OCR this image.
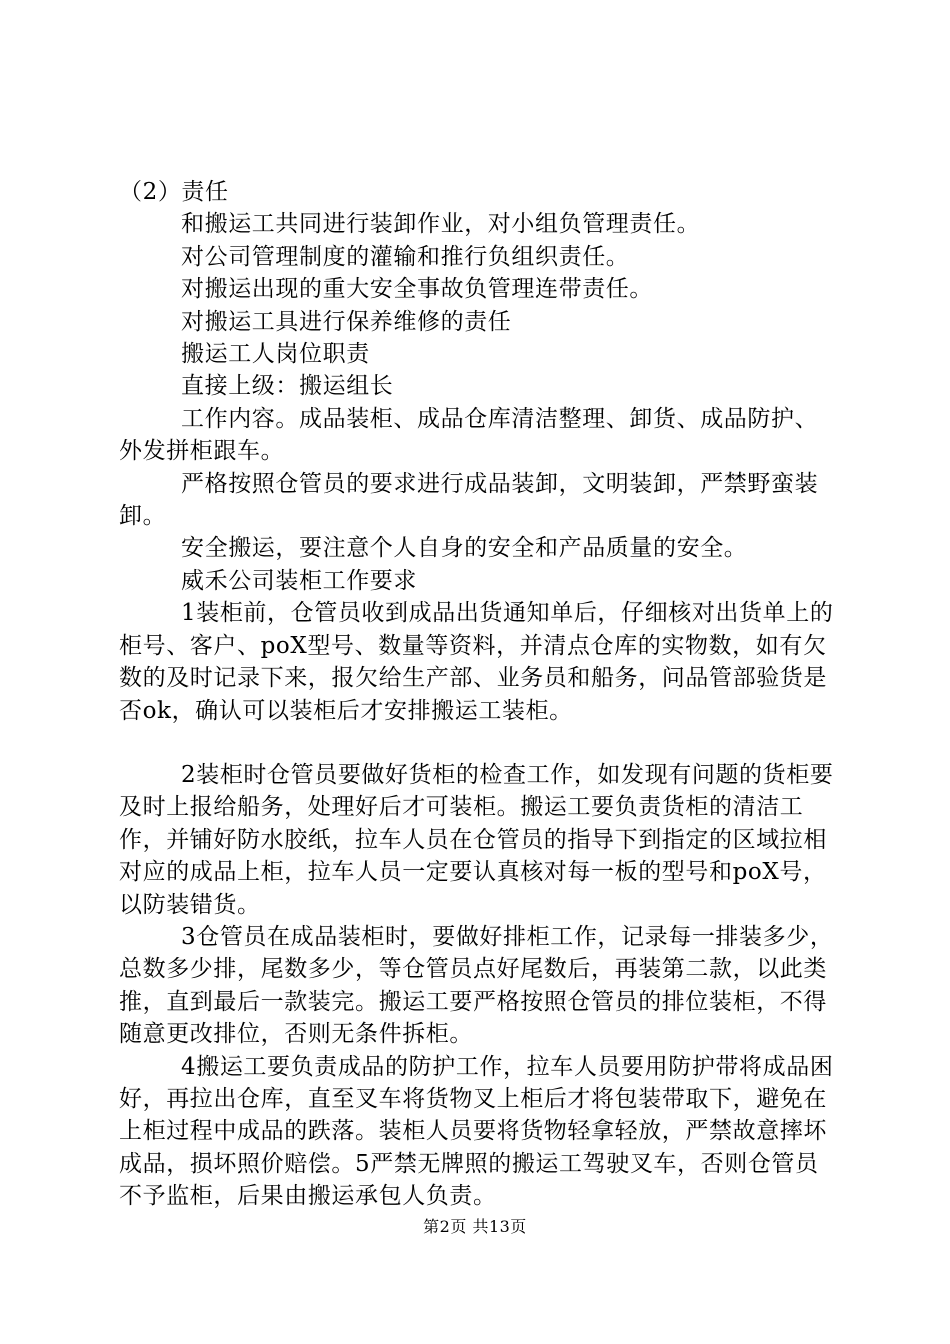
（2）责任

和搬运工共同进行装卸作业，对小组负管理责任。

对公司管理制度的灌输和推行负组织责任。

对搬运出现的重大安全事故负管理连带责任。

对搬运工具进行保养维修的责任

搬运工人岗位职责

直接上级：搬运组长

工作内容。成品装柜、成品仓库清洁整理、卸货、成品防护、外发拼柜跟车。

严格按照仓管员的要求进行成品装卸，文明装卸，严禁野蛮装卸。

安全搬运，要注意个人自身的安全和产品质量的安全。

威禾公司装柜工作要求

1装柜前，仓管员收到成品出货通知单后，仔细核对出货单上的柜号、客户、poX型号、数量等资料，并清点仓库的实物数，如有欠数的及时记录下来，报欠给生产部、业务员和船务，问品管部验货是否ok，确认可以装柜后才安排搬运工装柜。

2装柜时仓管员要做好货柜的检查工作，如发现有问题的货柜要及时上报给船务，处理好后才可装柜。搬运工要负责货柜的清洁工作，并铺好防水胶纸，拉车人员在仓管员的指导下到指定的区域拉相对应的成品上柜，拉车人员一定要认真核对每一板的型号和poX号，以防装错货。

3仓管员在成品装柜时，要做好排柜工作，记录每一排装多少，总数多少排，尾数多少，等仓管员点好尾数后，再装第二款，以此类推，直到最后一款装完。搬运工要严格按照仓管员的排位装柜，不得随意更改排位，否则无条件拆柜。

4搬运工要负责成品的防护工作，拉车人员要用防护带将成品困好，再拉出仓库，直至叉车将货物叉上柜后才将包装带取下，避免在上柜过程中成品的跌落。装柜人员要将货物轻拿轻放，严禁故意摔坏成品，损坏照价赔偿。5严禁无牌照的搬运工驾驶叉车，否则仓管员不予监柜，后果由搬运承包人负责。

第2页 共13页
